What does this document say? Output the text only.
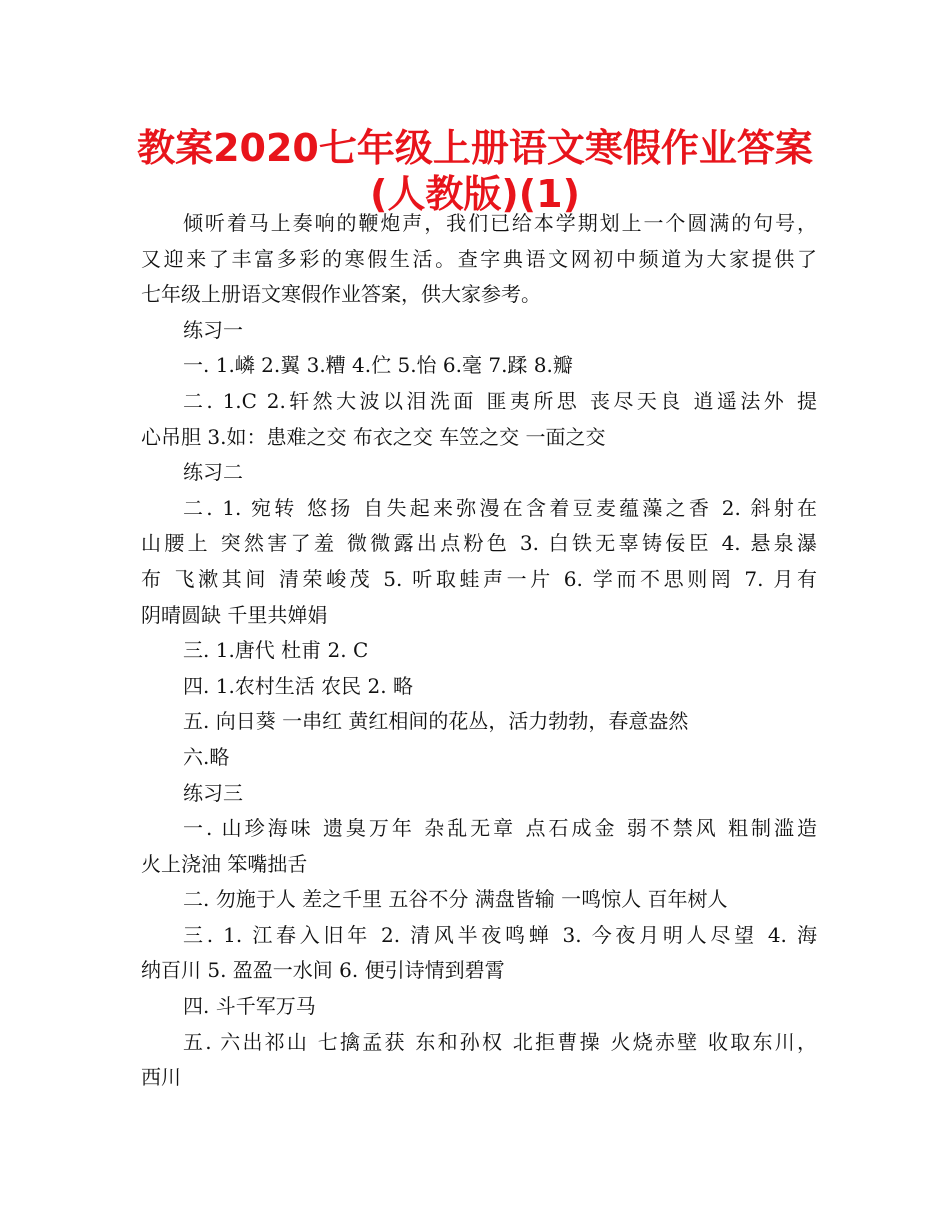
教案2020七年级上册语文寒假作业答案
(人教版)(1)
倾听着马上奏响的鞭炮声，我们已给本学期划上一个圆满的句号，
又迎来了丰富多彩的寒假生活。查字典语文网初中频道为大家提供了
七年级上册语文寒假作业答案，供大家参考。
练习一
一. 1.嶙 2.翼 3.糟 4.伫 5.怡 6.毫 7.蹂 8.瓣
二. 1.C 2.轩然大波以泪洗面 匪夷所思 丧尽天良 逍遥法外 提
心吊胆 3.如：患难之交 布衣之交 车笠之交 一面之交
练习二
二. 1. 宛转 悠扬 自失起来弥漫在含着豆麦蕴藻之香 2. 斜射在
山腰上 突然害了羞 微微露出点粉色 3. 白铁无辜铸佞臣 4. 悬泉瀑
布 飞漱其间 清荣峻茂 5. 听取蛙声一片 6. 学而不思则罔 7. 月有
阴晴圆缺 千里共婵娟
三. 1.唐代 杜甫 2. C
四. 1.农村生活 农民 2. 略
五. 向日葵 一串红 黄红相间的花丛，活力勃勃，春意盎然
六.略
练习三
一. 山珍海味 遗臭万年 杂乱无章 点石成金 弱不禁风 粗制滥造
火上浇油 笨嘴拙舌
二. 勿施于人 差之千里 五谷不分 满盘皆输 一鸣惊人 百年树人
三. 1. 江春入旧年 2. 清风半夜鸣蝉 3. 今夜月明人尽望 4. 海
纳百川 5. 盈盈一水间 6. 便引诗情到碧霄
四. 斗千军万马
五. 六出祁山 七擒孟获 东和孙权 北拒曹操 火烧赤壁 收取东川，
西川
